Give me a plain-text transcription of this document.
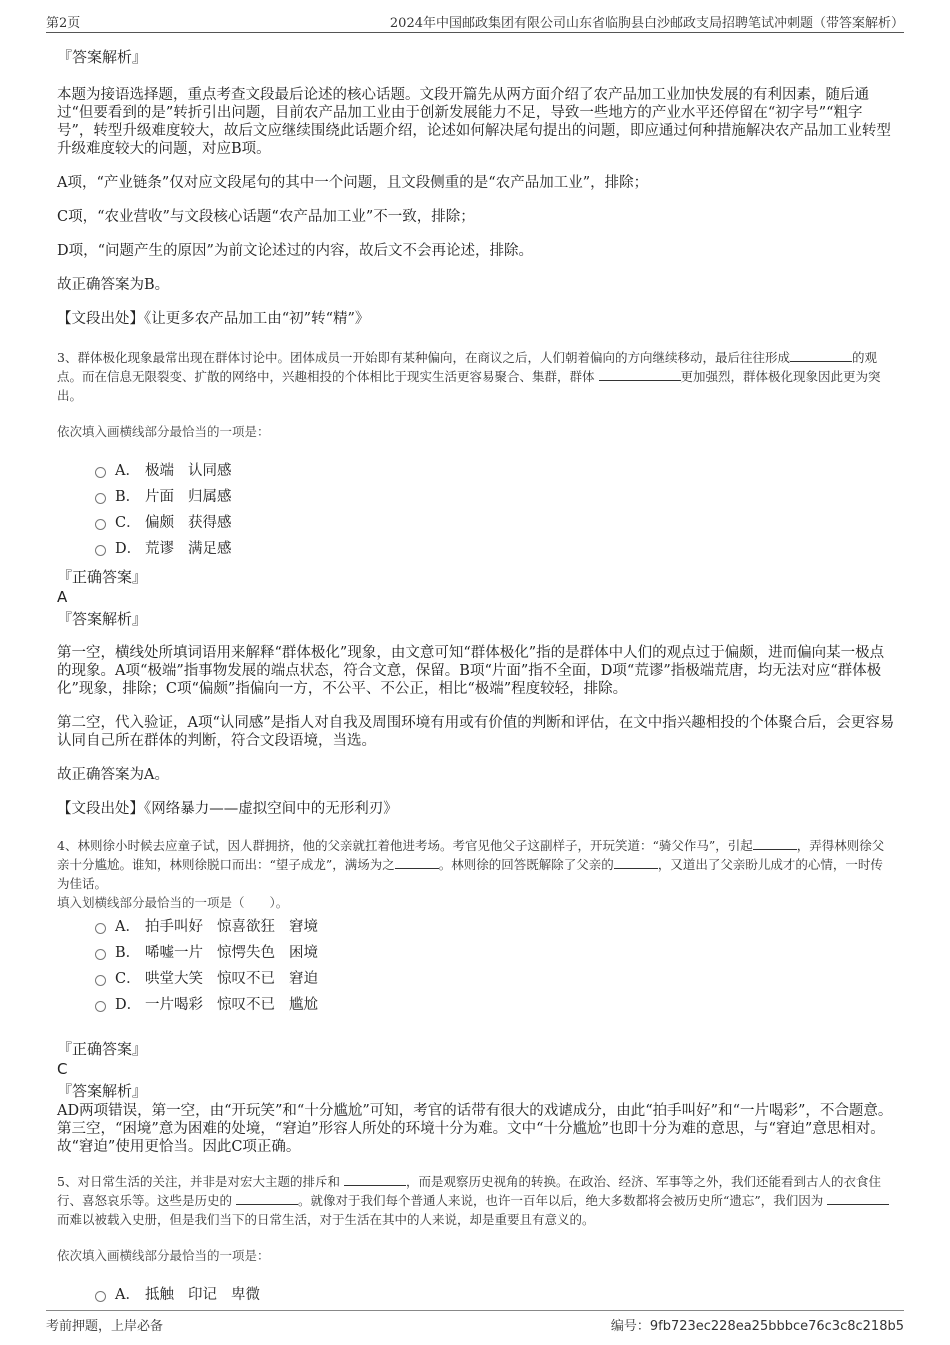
第2页	2024年中国邮政集团有限公司山东省临朐县白沙邮政支局招聘笔试冲刺题（带答案解析）

『答案解析』

本题为接语选择题，重点考查文段最后论述的核心话题。文段开篇先从两方面介绍了农产品加工业加快发展的有利因素，随后通过“但要看到的是”转折引出问题，目前农产品加工业由于创新发展能力不足，导致一些地方的产业水平还停留在“初字号”“粗字号”，转型升级难度较大，故后文应继续围绕此话题介绍，论述如何解决尾句提出的问题，即应通过何种措施解决农产品加工业转型升级难度较大的问题，对应B项。

A项，“产业链条”仅对应文段尾句的其中一个问题，且文段侧重的是“农产品加工业”，排除；

C项，“农业营收”与文段核心话题“农产品加工业”不一致，排除；

D项，“问题产生的原因”为前文论述过的内容，故后文不会再论述，排除。

故正确答案为B。

【文段出处】《让更多农产品加工由“初”转“精”》

3、群体极化现象最常出现在群体讨论中。团体成员一开始即有某种偏向，在商议之后，人们朝着偏向的方向继续移动，最后往往形成	的观点。而在信息无限裂变、扩散的网络中，兴趣相投的个体相比于现实生活更容易聚合、集群，群体	更加强烈，群体极化现象因此更为突出。

依次填入画横线部分最恰当的一项是：

A． 极端 认同感
B． 片面 归属感
C． 偏颇 获得感
D． 荒谬 满足感

『正确答案』

A

『答案解析』

第一空，横线处所填词语用来解释“群体极化”现象，由文意可知“群体极化”指的是群体中人们的观点过于偏颇，进而偏向某一极点的现象。A项“极端”指事物发展的端点状态，符合文意，保留。B项“片面”指不全面，D项“荒谬”指极端荒唐，均无法对应“群体极化”现象，排除；C项“偏颇”指偏向一方，不公平、不公正，相比“极端”程度较轻，排除。

第二空，代入验证，A项“认同感”是指人对自我及周围环境有用或有价值的判断和评估，在文中指兴趣相投的个体聚合后，会更容易认同自己所在群体的判断，符合文段语境，当选。

故正确答案为A。

【文段出处】《网络暴力——虚拟空间中的无形利刃》

4、林则徐小时候去应童子试，因人群拥挤，他的父亲就扛着他进考场。考官见他父子这副样子，开玩笑道：“骑父作马”，引起	，弄得林则徐父亲十分尴尬。谁知，林则徐脱口而出：“望子成龙”，满场为之	。林则徐的回答既解除了父亲的	，又道出了父亲盼儿成才的心情，一时传为佳话。

填入划横线部分最恰当的一项是（　　）。

A． 拍手叫好 惊喜欲狂 窘境
B． 唏嘘一片 惊愕失色 困境
C． 哄堂大笑 惊叹不已 窘迫
D． 一片喝彩 惊叹不已 尴尬

『正确答案』

C

『答案解析』

AD两项错误，第一空，由“开玩笑”和“十分尴尬”可知，考官的话带有很大的戏谑成分，由此“拍手叫好”和“一片喝彩”，不合题意。第三空，“困境”意为困难的处境，“窘迫”形容人所处的环境十分为难。文中“十分尴尬”也即十分为难的意思，与“窘迫”意思相对。故“窘迫”使用更恰当。因此C项正确。

5、对日常生活的关注，并非是对宏大主题的排斥和	，而是观察历史视角的转换。在政治、经济、军事等之外，我们还能看到古人的衣食住行、喜怒哀乐等。这些是历史的	。就像对于我们每个普通人来说，也许一百年以后，绝大多数都将会被历史所“遗忘”，我们因为 而难以被载入史册，但是我们当下的日常生活，对于生活在其中的人来说，却是重要且有意义的。

依次填入画横线部分最恰当的一项是：

A． 抵触 印记 卑微
考前押题，上岸必备	编号：9fb723ec228ea25bbbce76c3c8c218b5
